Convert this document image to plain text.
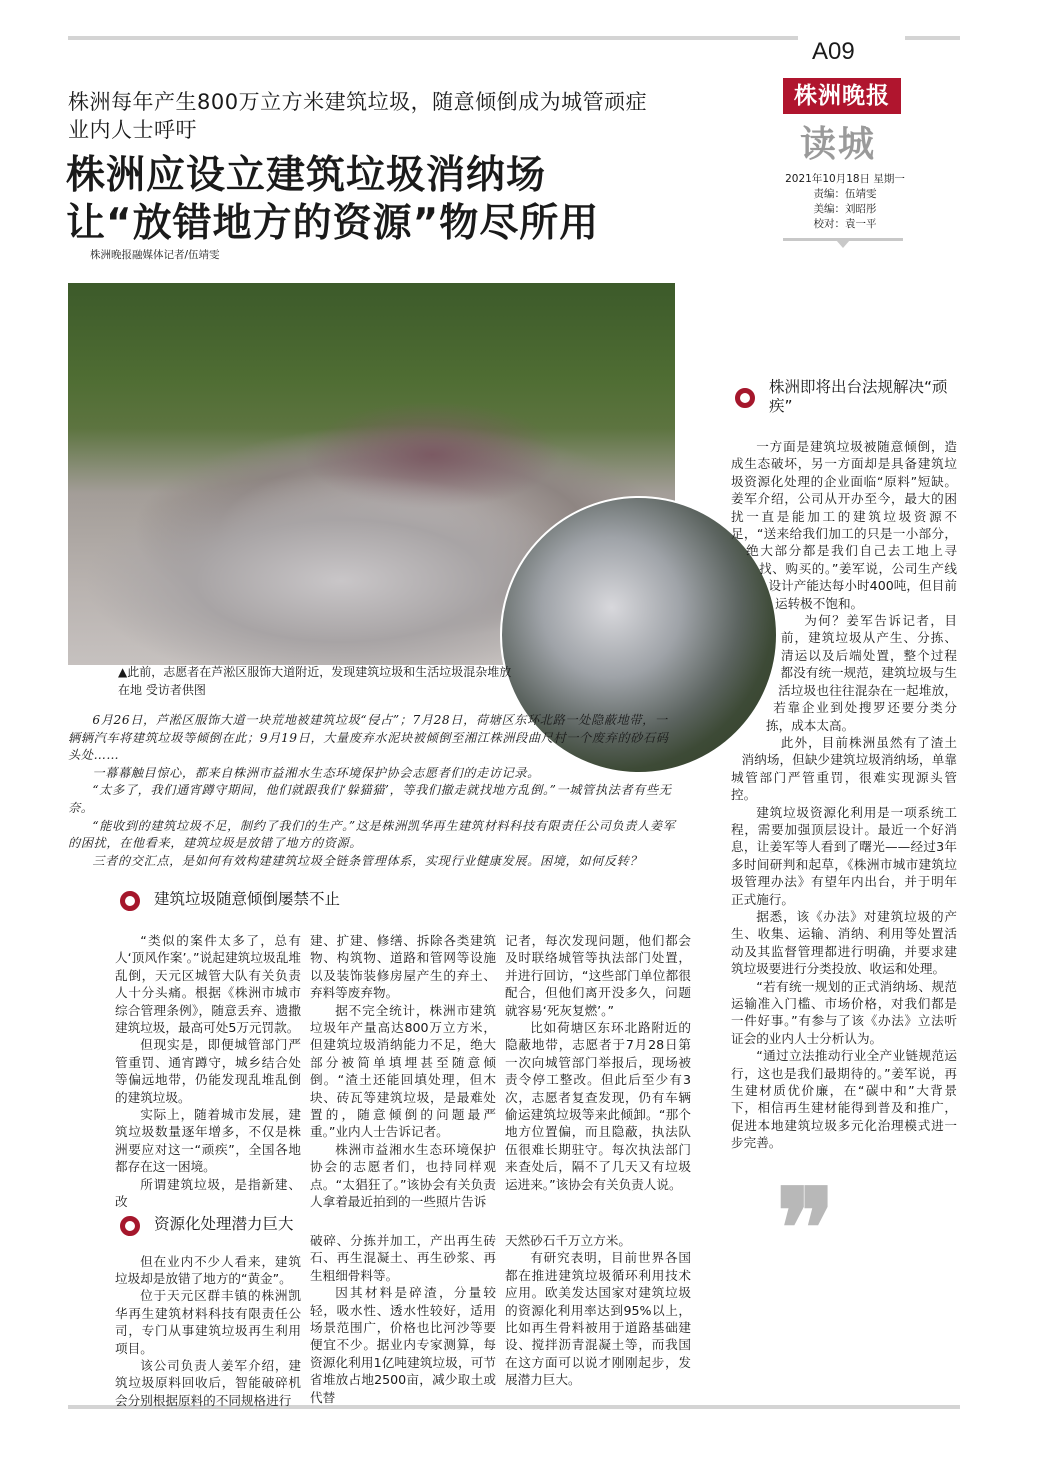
A09
株洲晚报
读城
2021年10月18日 星期一
责编：伍靖雯
美编：刘昭彤
校对：袁一平
株洲每年产生800万立方米建筑垃圾，随意倾倒成为城管顽症
业内人士呼吁
株洲应设立建筑垃圾消纳场
让“放错地方的资源”物尽所用
株洲晚报融媒体记者/伍靖雯
▲此前，志愿者在芦淞区服饰大道附近，发现建筑垃圾和生活垃圾混杂堆放在地 受访者供图

6月26日，芦淞区服饰大道一块荒地被建筑垃圾“侵占”；7月28日，荷塘区东环北路一处隐蔽地带，一辆辆汽车将建筑垃圾等倾倒在此；9月19日，大量废弃水泥块被倾倒至湘江株洲段曲尺村一个废弃的砂石码头处……

一幕幕触目惊心，都来自株洲市益湘水生态环境保护协会志愿者们的走访记录。

“太多了，我们通宵蹲守期间，他们就跟我们‘躲猫猫’，等我们撤走就找地方乱倒。”一城管执法者有些无奈。

“能收到的建筑垃圾不足，制约了我们的生产。”这是株洲凯华再生建筑材料科技有限责任公司负责人姜军的困扰，在他看来，建筑垃圾是放错了地方的资源。

三者的交汇点，是如何有效构建建筑垃圾全链条管理体系，实现行业健康发展。困境，如何反转？

建筑垃圾随意倾倒屡禁不止

“类似的案件太多了，总有人‘顶风作案’。”说起建筑垃圾乱堆乱倒，天元区城管大队有关负责人十分头痛。根据《株洲市城市综合管理条例》，随意丢弃、遗撒建筑垃圾，最高可处5万元罚款。

但现实是，即便城管部门严管重罚、通宵蹲守，城乡结合处等偏远地带，仍能发现乱堆乱倒的建筑垃圾。

实际上，随着城市发展，建筑垃圾数量逐年增多，不仅是株洲要应对这一“顽疾”，全国各地都存在这一困境。

所谓建筑垃圾，是指新建、改

资源化处理潜力巨大

但在业内不少人看来，建筑垃圾却是放错了地方的“黄金”。

位于天元区群丰镇的株洲凯华再生建筑材料科技有限责任公司，专门从事建筑垃圾再生利用项目。

该公司负责人姜军介绍，建筑垃圾原料回收后，智能破碎机会分别根据原料的不同规格进行

建、扩建、修缮、拆除各类建筑物、构筑物、道路和管网等设施以及装饰装修房屋产生的弃土、弃料等废弃物。

据不完全统计，株洲市建筑垃圾年产量高达800万立方米，但建筑垃圾消纳能力不足，绝大部分被简单填埋甚至随意倾倒。“渣土还能回填处理，但木块、砖瓦等建筑垃圾，是最难处置的，随意倾倒的问题最严重。”业内人士告诉记者。

株洲市益湘水生态环境保护协会的志愿者们，也持同样观点。“太猖狂了。”该协会有关负责人拿着最近拍到的一些照片告诉

破碎、分拣并加工，产出再生砖石、再生混凝土、再生砂浆、再生粗细骨料等。

因其材料是碎渣，分量较轻，吸水性、透水性较好，适用场景范围广，价格也比河沙等要便宜不少。据业内专家测算，每资源化利用1亿吨建筑垃圾，可节省堆放占地2500亩，减少取土或代替

记者，每次发现问题，他们都会及时联络城管等执法部门处置，并进行回访，“这些部门单位都很配合，但他们离开没多久，问题就容易‘死灰复燃’。”

比如荷塘区东环北路附近的隐蔽地带，志愿者于7月28日第一次向城管部门举报后，现场被责令停工整改。但此后至少有3次，志愿者复查发现，仍有车辆偷运建筑垃圾等来此倾卸。“那个地方位置偏，而且隐蔽，执法队伍很难长期驻守。每次执法部门来查处后，隔不了几天又有垃圾运进来。”该协会有关负责人说。

天然砂石千万立方米。

有研究表明，目前世界各国都在推进建筑垃圾循环利用技术应用。欧美发达国家对建筑垃圾的资源化利用率达到95%以上，比如再生骨料被用于道路基础建设、搅拌沥青混凝土等，而我国在这方面可以说才刚刚起步，发展潜力巨大。

株洲即将出台法规解决“顽疾”

一方面是建筑垃圾被随意倾倒，造成生态破坏，另一方面却是具备建筑垃圾资源化处理的企业面临“原料”短缺。姜军介绍，公司从开办至今，最大的困扰一直是能加工的建筑垃圾资源不足，“送来给我们加工的只是一小部分，绝大部分都是我们自己去工地上寻找、购买的。”姜军说，公司生产线设计产能达每小时400吨，但目前运转极不饱和。

为何？姜军告诉记者，目前，建筑垃圾从产生、分拣、清运以及后端处置，整个过程都没有统一规范，建筑垃圾与生活垃圾也往往混杂在一起堆放，若靠企业到处搜罗还要分类分拣，成本太高。

此外，目前株洲虽然有了渣土消纳场，但缺少建筑垃圾消纳场，单靠城管部门严管重罚，很难实现源头管控。

建筑垃圾资源化利用是一项系统工程，需要加强顶层设计。最近一个好消息，让姜军等人看到了曙光——经过3年多时间研判和起草，《株洲市城市建筑垃圾管理办法》有望年内出台，并于明年正式施行。

据悉，该《办法》对建筑垃圾的产生、收集、运输、消纳、利用等处置活动及其监督管理都进行明确，并要求建筑垃圾要进行分类投放、收运和处理。

“若有统一规划的正式消纳场、规范运输准入门槛、市场价格，对我们都是一件好事。”有参与了该《办法》立法听证会的业内人士分析认为。

“通过立法推动行业全产业链规范运行，这也是我们最期待的。”姜军说，再生建材质优价廉，在“碳中和”大背景下，相信再生建材能得到普及和推广，促进本地建筑垃圾多元化治理模式进一步完善。

❞
